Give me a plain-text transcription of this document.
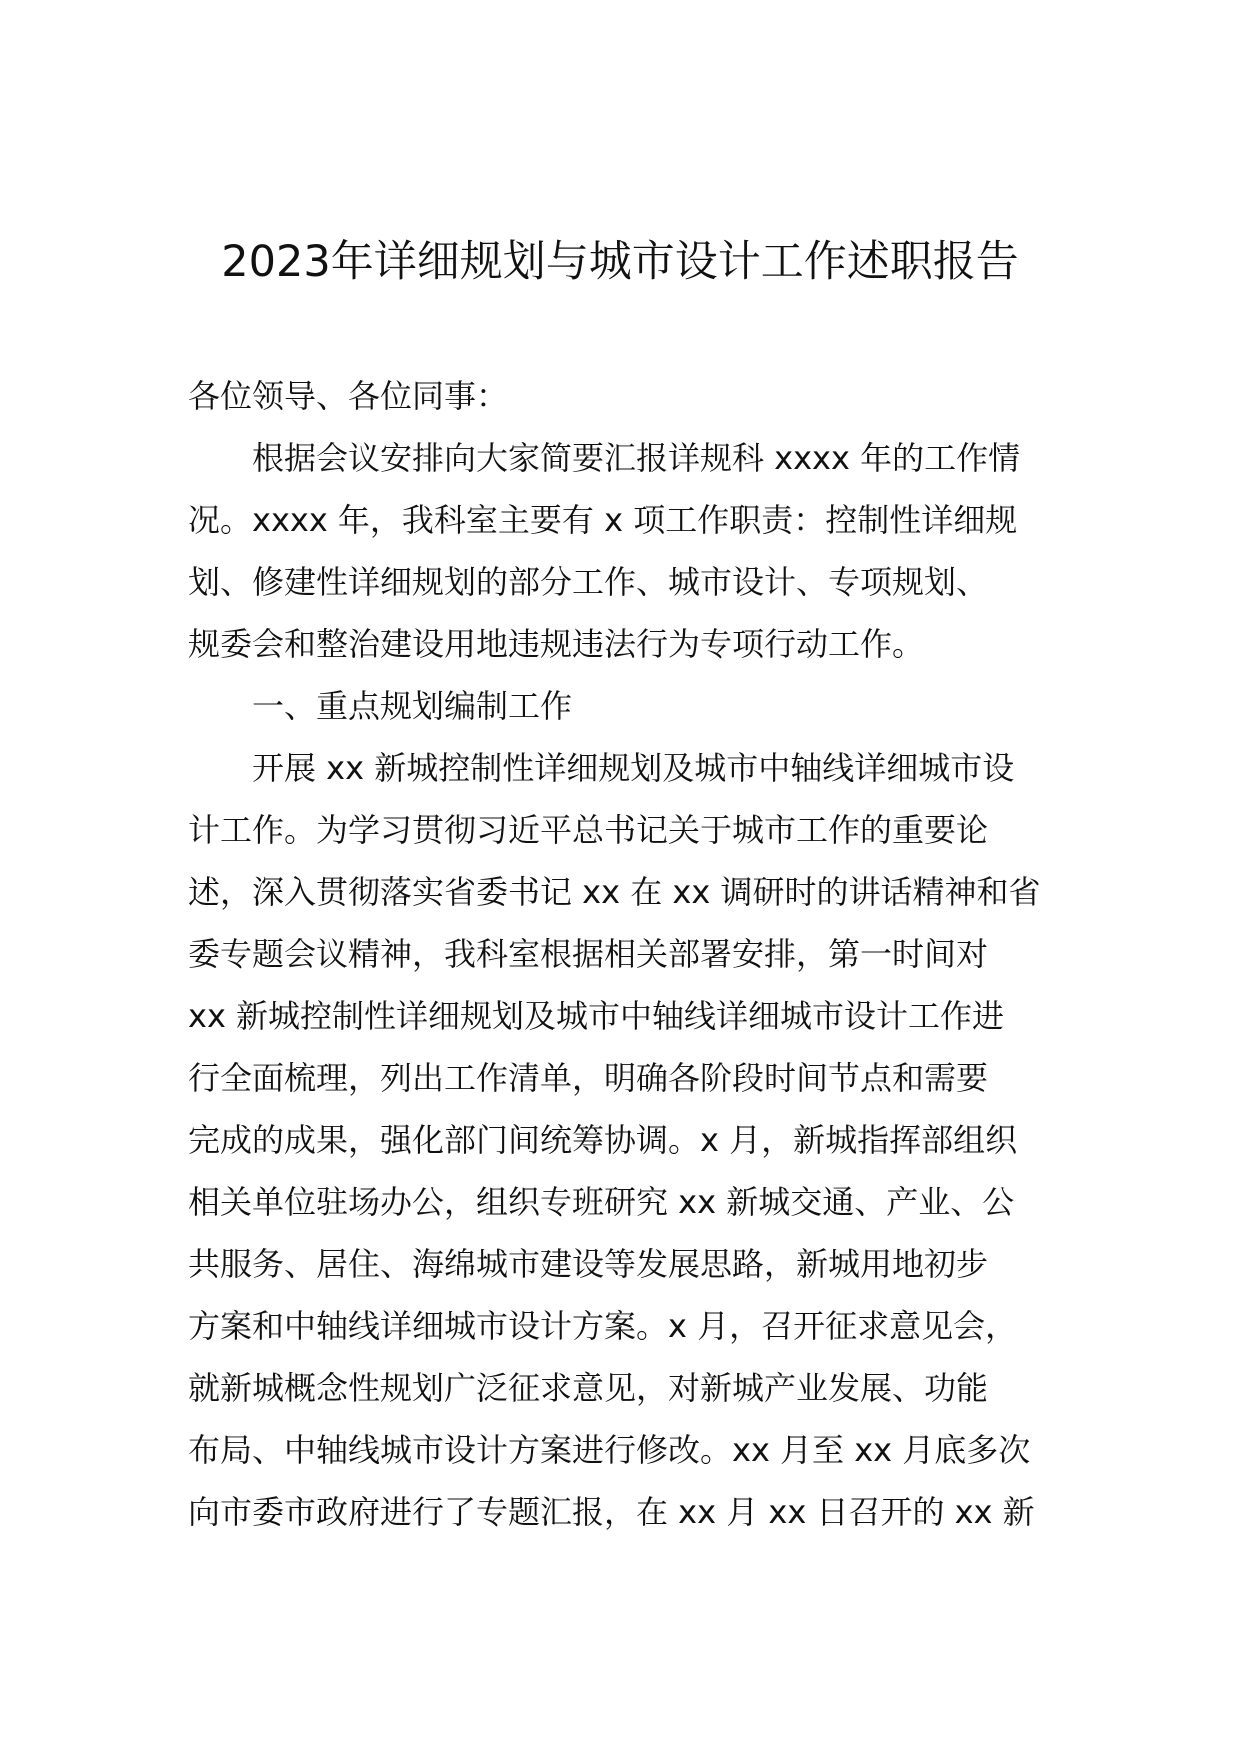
2023年详细规划与城市设计工作述职报告
各位领导、各位同事：
根据会议安排向大家简要汇报详规科 xxxx 年的工作情
况。xxxx 年，我科室主要有 x 项工作职责：控制性详细规
划、修建性详细规划的部分工作、城市设计、专项规划、
规委会和整治建设用地违规违法行为专项行动工作。
一、重点规划编制工作
开展 xx 新城控制性详细规划及城市中轴线详细城市设
计工作。为学习贯彻习近平总书记关于城市工作的重要论
述，深入贯彻落实省委书记 xx 在 xx 调研时的讲话精神和省
委专题会议精神，我科室根据相关部署安排，第一时间对
xx 新城控制性详细规划及城市中轴线详细城市设计工作进
行全面梳理，列出工作清单，明确各阶段时间节点和需要
完成的成果，强化部门间统筹协调。x 月，新城指挥部组织
相关单位驻场办公，组织专班研究 xx 新城交通、产业、公
共服务、居住、海绵城市建设等发展思路，新城用地初步
方案和中轴线详细城市设计方案。x 月，召开征求意见会，
就新城概念性规划广泛征求意见，对新城产业发展、功能
布局、中轴线城市设计方案进行修改。xx 月至 xx 月底多次
向市委市政府进行了专题汇报，在 xx 月 xx 日召开的 xx 新
